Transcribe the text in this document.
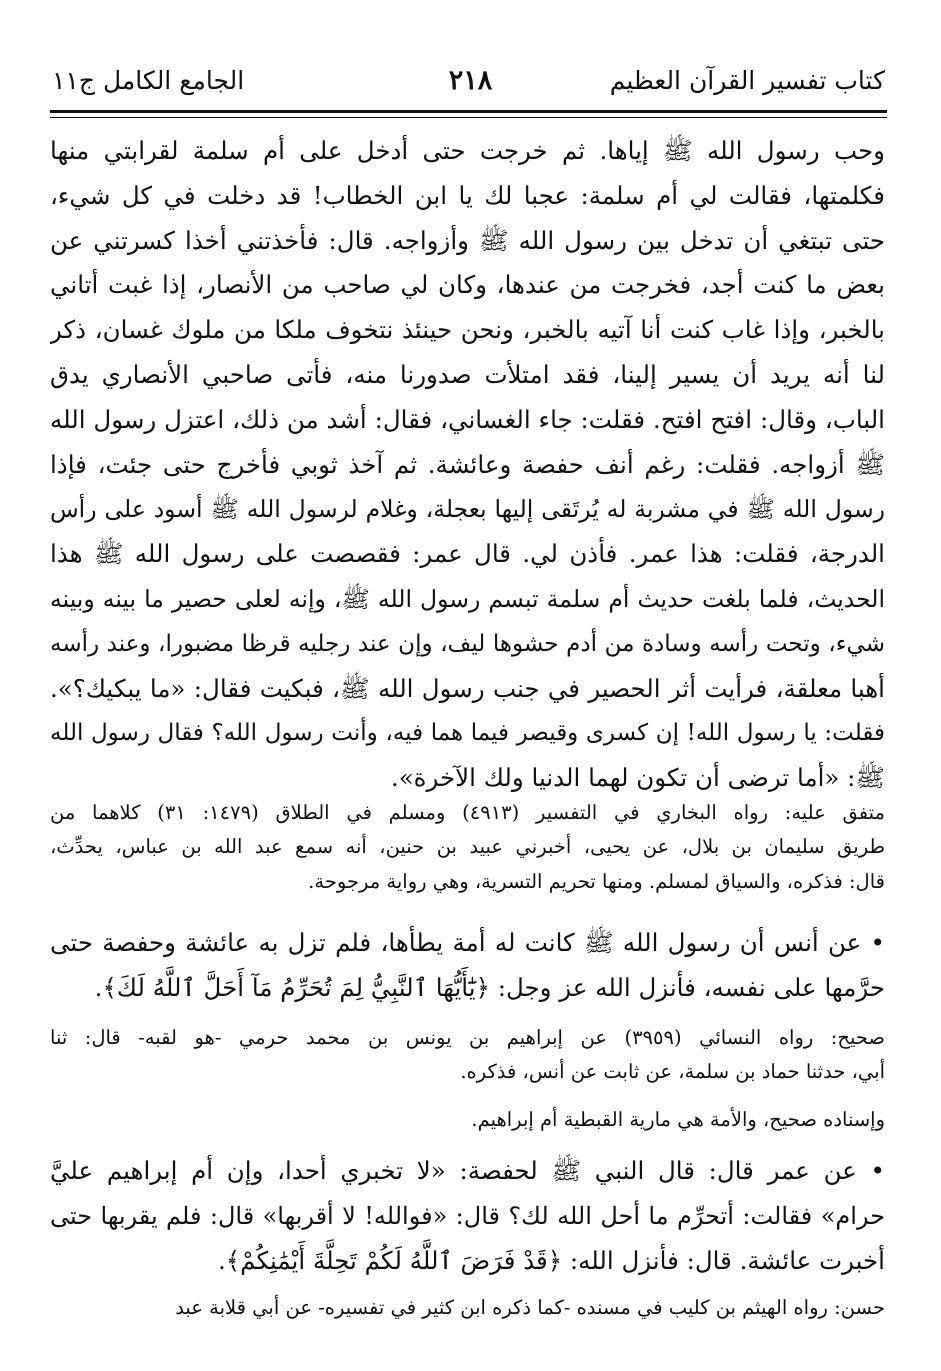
كتاب تفسير القرآن العظيم
٢١٨
الجامع الكامل ج١١
وحب رسول الله ﷺ إياها. ثم خرجت حتى أدخل على أم سلمة لقرابتي منها
فكلمتها، فقالت لي أم سلمة: عجبا لك يا ابن الخطاب! قد دخلت في كل شيء،
حتى تبتغي أن تدخل بين رسول الله ﷺ وأزواجه. قال: فأخذتني أخذا كسرتني عن
بعض ما كنت أجد، فخرجت من عندها، وكان لي صاحب من الأنصار، إذا غبت أتاني
بالخبر، وإذا غاب كنت أنا آتيه بالخبر، ونحن حينئذ نتخوف ملكا من ملوك غسان، ذكر
لنا أنه يريد أن يسير إلينا، فقد امتلأت صدورنا منه، فأتى صاحبي الأنصاري يدق
الباب، وقال: افتح افتح. فقلت: جاء الغساني، فقال: أشد من ذلك، اعتزل رسول الله
ﷺ أزواجه. فقلت: رغم أنف حفصة وعائشة. ثم آخذ ثوبي فأخرج حتى جئت، فإذا
رسول الله ﷺ في مشربة له يُرتَقى إليها بعجلة، وغلام لرسول الله ﷺ أسود على رأس
الدرجة، فقلت: هذا عمر. فأذن لي. قال عمر: فقصصت على رسول الله ﷺ هذا
الحديث، فلما بلغت حديث أم سلمة تبسم رسول الله ﷺ، وإنه لعلى حصير ما بينه وبينه
شيء، وتحت رأسه وسادة من أدم حشوها ليف، وإن عند رجليه قرظا مضبورا، وعند رأسه
أهبا معلقة، فرأيت أثر الحصير في جنب رسول الله ﷺ، فبكيت فقال: «ما يبكيك؟».
فقلت: يا رسول الله! إن كسرى وقيصر فيما هما فيه، وأنت رسول الله؟ فقال رسول الله
ﷺ: «أما ترضى أن تكون لهما الدنيا ولك الآخرة».
متفق عليه: رواه البخاري في التفسير (٤٩١٣) ومسلم في الطلاق (١٤٧٩: ٣١) كلاهما من
طريق سليمان بن بلال، عن يحيى، أخبرني عبيد بن حنين، أنه سمع عبد الله بن عباس، يحدِّث،
قال: فذكره، والسياق لمسلم. ومنها تحريم التسرية، وهي رواية مرجوحة.
• عن أنس أن رسول الله ﷺ كانت له أمة يطأها، فلم تزل به عائشة وحفصة حتى
حرَّمها على نفسه، فأنزل الله عز وجل: ﴿يَٰٓأَيُّهَا ٱلنَّبِيُّ لِمَ تُحَرِّمُ مَآ أَحَلَّ ٱللَّهُ لَكَ﴾.
صحيح: رواه النسائي (٣٩٥٩) عن إبراهيم بن يونس بن محمد حرمي -هو لقبه- قال: ثنا
أبي، حدثنا حماد بن سلمة، عن ثابت عن أنس، فذكره.
وإسناده صحيح، والأمة هي مارية القبطية أم إبراهيم.
• عن عمر قال: قال النبي ﷺ لحفصة: «لا تخبري أحدا، وإن أم إبراهيم عليَّ
حرام» فقالت: أتحرِّم ما أحل الله لك؟ قال: «فوالله! لا أقربها» قال: فلم يقربها حتى
أخبرت عائشة. قال: فأنزل الله: ﴿قَدْ فَرَضَ ٱللَّهُ لَكُمْ تَحِلَّةَ أَيْمَٰنِكُمْ﴾.
حسن: رواه الهيثم بن كليب في مسنده -كما ذكره ابن كثير في تفسيره- عن أبي قلابة عبد
